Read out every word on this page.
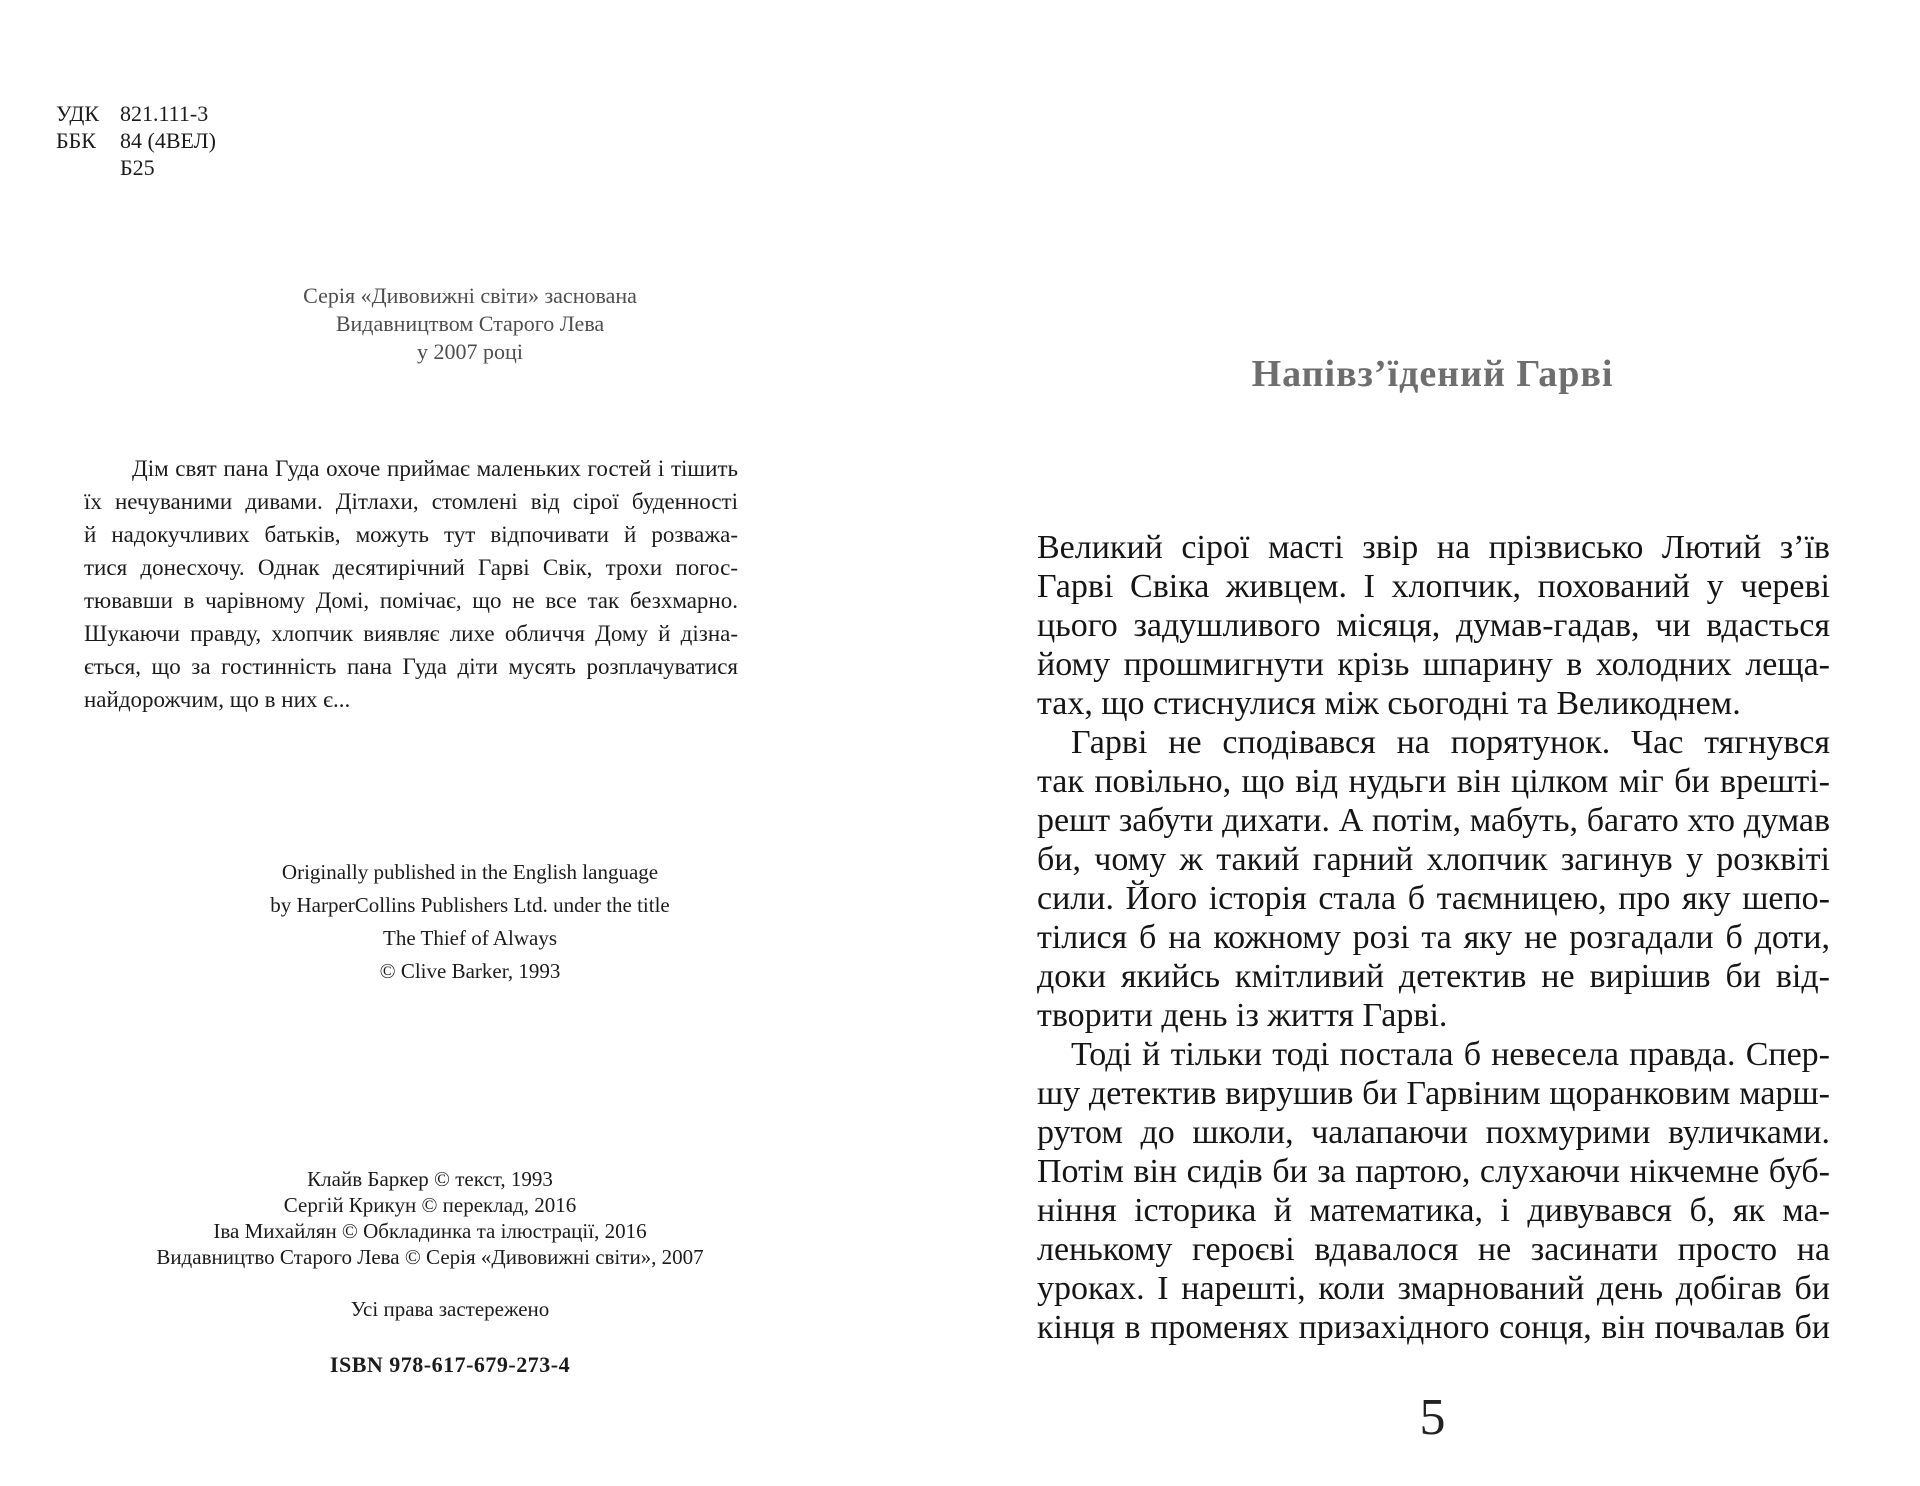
УДК 821.111-3
ББК	84 (4ВЕЛ)
Б25
Серія «Дивовижні світи» заснована
Видавництвом Старого Лева
у 2007 році
Дім свят пана Гуда охоче приймає маленьких гостей і тішить
їх нечуваними дивами. Дітлахи, стомлені від сірої буденності
й надокучливих батьків, можуть тут відпочивати й розважа-
тися донесхочу. Однак десятирічний Гарві Свік, трохи погос-
тювавши в чарівному Домі, помічає, що не все так безхмарно.
Шукаючи правду, хлопчик виявляє лихе обличчя Дому й дізна-
ється, що за гостинність пана Гуда діти мусять розплачуватися
найдорожчим, що в них є...
Originally published in the English language
by HarperCollins Publishers Ltd. under the title
The Thief of Always
© Clive Barker, 1993
Клайв Баркер © текст, 1993
Сергій Крикун © переклад, 2016
Іва Михайлян © Обкладинка та ілюстрації, 2016
Видавництво Старого Лева © Серія «Дивовижні світи», 2007
Усі права застережено
ISBN 978-617-679-273-4
Напівз’їдений Гарві
Великий сірої масті звір на прізвисько Лютий з’їв
Гарві Свіка живцем. І хлопчик, похований у череві
цього задушливого місяця, думав-гадав, чи вдасться
йому прошмигнути крізь шпарину в холодних леща-
тах, що стиснулися між сьогодні та Великоднем.
Гарві не сподівався на порятунок. Час тягнувся
так повільно, що від нудьги він цілком міг би врешті-
решт забути дихати. А потім, мабуть, багато хто думав
би, чому ж такий гарний хлопчик загинув у розквіті
сили. Його історія стала б таємницею, про яку шепо-
тілися б на кожному розі та яку не розгадали б доти,
доки якийсь кмітливий детектив не вирішив би від-
творити день із життя Гарві.
Тоді й тільки тоді постала б невесела правда. Спер-
шу детектив вирушив би Гарвіним щоранковим марш-
рутом до школи, чалапаючи похмурими вуличками.
Потім він сидів би за партою, слухаючи нікчемне буб-
ніння історика й математика, і дивувався б, як ма-
ленькому героєві вдавалося не засинати просто на
уроках. І нарешті, коли змарнований день добігав би
кінця в променях призахідного сонця, він почвалав би
5
